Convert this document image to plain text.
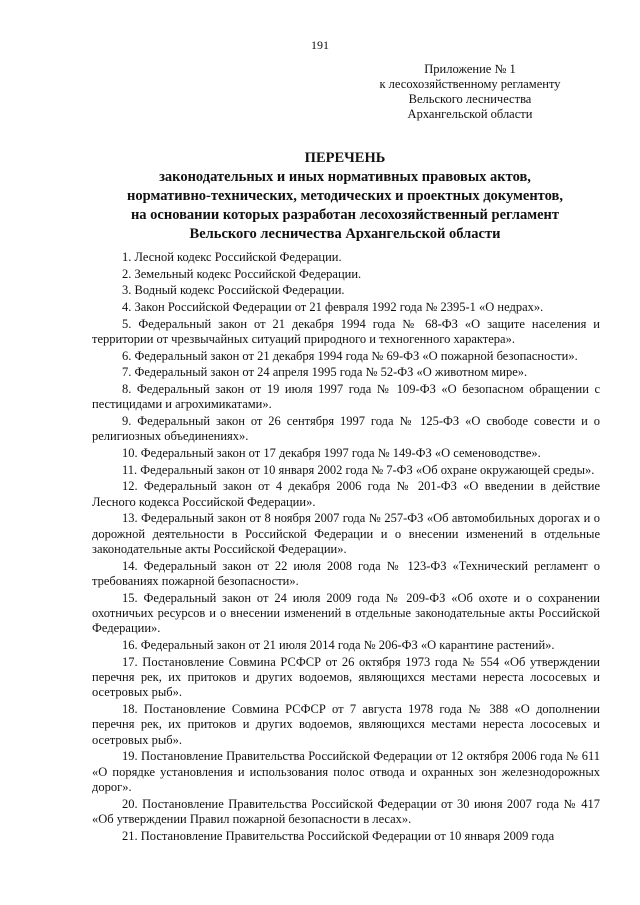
191
Приложение № 1
к лесохозяйственному регламенту
Вельского лесничества
Архангельской области
ПЕРЕЧЕНЬ
законодательных и иных нормативных правовых актов,
нормативно-технических, методических и проектных документов,
на основании которых разработан лесохозяйственный регламент
Вельского лесничества Архангельской области
1. Лесной кодекс Российской Федерации.
2. Земельный кодекс Российской Федерации.
3. Водный кодекс Российской Федерации.
4. Закон Российской Федерации от 21 февраля 1992 года № 2395-1 «О недрах».
5. Федеральный закон от 21 декабря 1994 года № 68-ФЗ «О защите населения и территории от чрезвычайных ситуаций природного и техногенного характера».
6. Федеральный закон от 21 декабря 1994 года № 69-ФЗ «О пожарной безопасности».
7. Федеральный закон от 24 апреля 1995 года № 52-ФЗ «О животном мире».
8. Федеральный закон от 19 июля 1997 года № 109-ФЗ «О безопасном обращении с пестицидами и агрохимикатами».
9. Федеральный закон от 26 сентября 1997 года № 125-ФЗ «О свободе совести и о религиозных объединениях».
10. Федеральный закон от 17 декабря 1997 года № 149-ФЗ «О семеноводстве».
11. Федеральный закон от 10 января 2002 года № 7-ФЗ «Об охране окружающей среды».
12. Федеральный закон от 4 декабря 2006 года № 201-ФЗ «О введении в действие Лесного кодекса Российской Федерации».
13. Федеральный закон от 8 ноября 2007 года № 257-ФЗ «Об автомобильных дорогах и о дорожной деятельности в Российской Федерации и о внесении изменений в отдельные законодательные акты Российской Федерации».
14. Федеральный закон от 22 июля 2008 года № 123-ФЗ «Технический регламент о требованиях пожарной безопасности».
15. Федеральный закон от 24 июля 2009 года № 209-ФЗ «Об охоте и о сохранении охотничьих ресурсов и о внесении изменений в отдельные законодательные акты Российской Федерации».
16. Федеральный закон от 21 июля 2014 года № 206-ФЗ «О карантине растений».
17. Постановление Совмина РСФСР от 26 октября 1973 года № 554 «Об утверждении перечня рек, их притоков и других водоемов, являющихся местами нереста лососевых и осетровых рыб».
18. Постановление Совмина РСФСР от 7 августа 1978 года № 388 «О дополнении перечня рек, их притоков и других водоемов, являющихся местами нереста лососевых и осетровых рыб».
19. Постановление Правительства Российской Федерации от 12 октября 2006 года № 611 «О порядке установления и использования полос отвода и охранных зон железнодорожных дорог».
20. Постановление Правительства Российской Федерации от 30 июня 2007 года № 417 «Об утверждении Правил пожарной безопасности в лесах».
21. Постановление Правительства Российской Федерации от 10 января 2009 года
